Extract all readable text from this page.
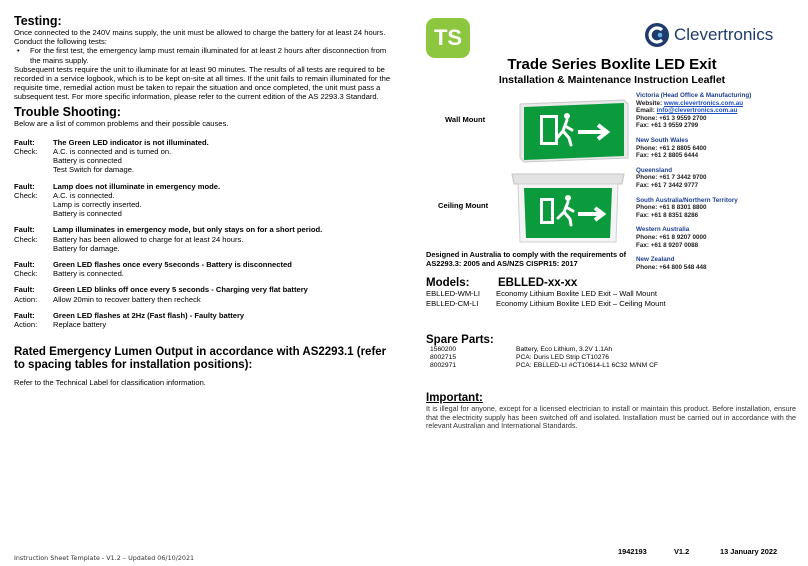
Testing:

Once connected to the 240V mains supply, the unit must be allowed to charge the battery for at least 24 hours. Conduct the following tests:

• For the first test, the emergency lamp must remain illuminated for at least 2 hours after disconnection from the mains supply.

Subsequent tests require the unit to illuminate for at least 90 minutes. The results of all tests are required to be recorded in a service logbook, which is to be kept on-site at all times. If the unit fails to remain illuminated for the requisite time, remedial action must be taken to repair the situation and once completed, the unit must pass a subsequent test. For more specific information, please refer to the current edition of the AS 2293.3 Standard.

Trouble Shooting:

Below are a list of common problems and their possible causes.

Fault:	The Green LED indicator is not illuminated.
Check:	A.C. is connected and is turned on.
Battery is connected
Test Switch for damage.
Fault:	Lamp does not illuminate in emergency mode.
Check:	A.C. is connected.
Lamp is correctly inserted.
Battery is connected
Fault:	Lamp illuminates in emergency mode, but only stays on for a short period.
Check:	Battery has been allowed to charge for at least 24 hours.
Battery for damage.
Fault:	Green LED flashes once every 5seconds - Battery is disconnected
Check:	Battery is connected.
Fault:	Green LED blinks off once every 5 seconds - Charging very flat battery
Action:	Allow 20min to recover battery then recheck
Fault:	Green LED flashes at 2Hz (Fast flash) - Faulty battery
Action:	Replace battery
Rated Emergency Lumen Output in accordance with AS2293.1 (refer to spacing tables for installation positions):

Refer to the Technical Label for classification information.

TS	Clevertronics
Trade Series Boxlite LED Exit
Installation & Maintenance Instruction Leaflet
Wall Mount
Ceiling Mount
Victoria (Head Office & Manufacturing)
Website: www.clevertronics.com.au
Email: info@clevertronics.com.au
Phone: +61 3 9559 2700
Fax: +61 3 9559 2799
New South Wales
Phone: +61 2 8805 6400
Fax: +61 2 8805 6444
Queensland
Phone: +61 7 3442 9700
Fax: +61 7 3442 9777
South Australia/Northern Territory
Phone: +61 8 8301 8800
Fax: +61 8 8351 8286
Western Australia
Phone: +61 8 9207 0000
Fax: +61 8 9207 0088
New Zealand
Phone: +64 800 548 448
Designed in Australia to comply with the requirements of AS2293.3: 2005 and AS/NZS CISPR15: 2017
Models: EBLLED-xx-xx
EBLLED-WM-LI	Economy Lithium Boxlite LED Exit – Wall Mount
EBLLED-CM-LI	Economy Lithium Boxlite LED Exit – Ceiling Mount
Spare Parts:
1560200	Battery, Eco Lithium, 3.2V 1.1Ah
8002715	PCA: Duris LED Strip CT10276
8002971	PCA: EBLLED-LI #CT10614-L1 6C32 M/NM CF
Important:
It is illegal for anyone, except for a licensed electrician to install or maintain this product. Before installation, ensure that the electricity supply has been switched off and isolated. Installation must be carried out in accordance with the relevant Australian and International Standards.
Instruction Sheet Template - V1.2 – Updated 06/10/2021
1942193	V1.2	13 January 2022
